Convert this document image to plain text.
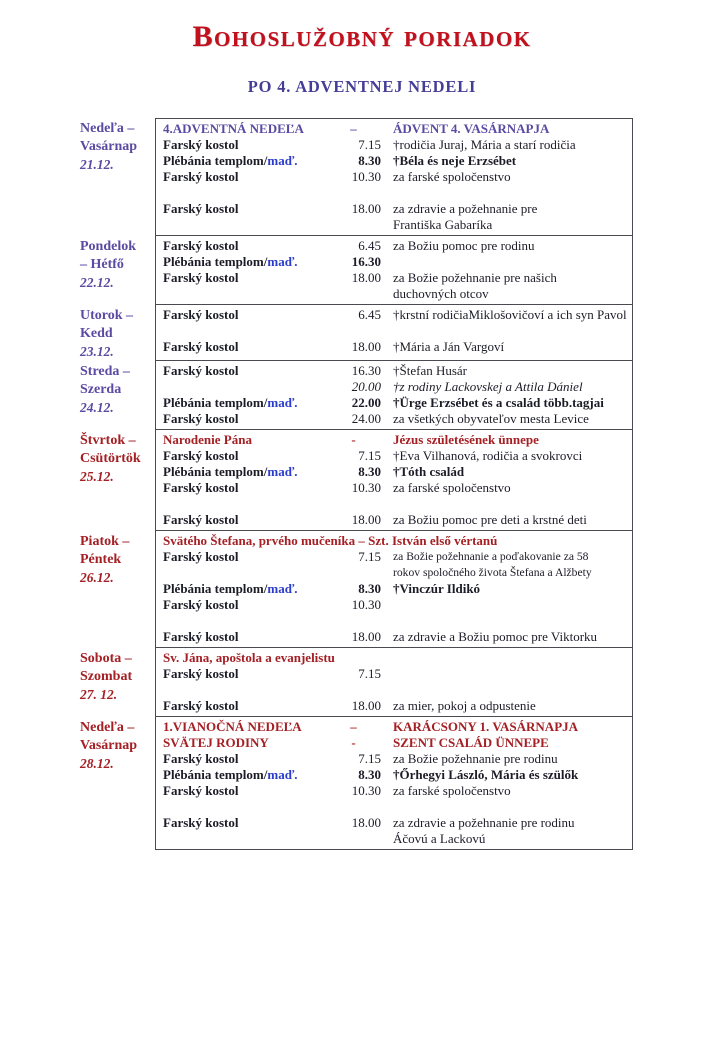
Bohoslužobný poriadok
PO 4. ADVENTNEJ NEDELI
Nedeľa –
Vasárnap
21.12.
4.ADVENTNÁ NEDEĽA	–	ÁDVENT 4. VASÁRNAPJA
Farský kostol	7.15 †rodičia Juraj, Mária a starí rodičia
Plébánia templom/maď.	8.30 †Béla és neje Erzsébet
Farský kostol	10.30 za farské spoločenstvo
Farský kostol	18.00 za zdravie a požehnanie pre
Františka Gabaríka
Pondelok
– Hétfő
22.12.
Farský kostol	6.45 za Božiu pomoc pre rodinu
Plébánia templom/maď.	16.30
Farský kostol	18.00 za Božie požehnanie pre našich
duchovných otcov
Utorok –
Kedd
23.12.
Farský kostol	6.45 †krstní rodičiaMiklošovičoví a ich syn Pavol
Farský kostol	18.00 †Mária a Ján Vargoví
Streda –
Szerda
24.12.
Farský kostol	16.30 †Štefan Husár
20.00 †z rodiny Lackovskej a Attila Dániel
Plébánia templom/maď.	22.00 †Ürge Erzsébet és a család több.tagjai
Farský kostol	24.00 za všetkých obyvateľov mesta Levice
Štvrtok –
Csütörtök
25.12.
Narodenie Pána	-	Jézus születésének ünnepe
Farský kostol	7.15 †Eva Vilhanová, rodičia a svokrovci
Plébánia templom/maď.	8.30 †Tóth család
Farský kostol	10.30 za farské spoločenstvo
Farský kostol	18.00 za Božiu pomoc pre deti a krstné deti
Piatok –
Péntek
26.12.
Svätého Štefana, prvého mučeníka – Szt. István első vértanú
Farský kostol	7.15 za Božie požehnanie a poďakovanie za 58
rokov spoločného života Štefana a Alžbety
Plébánia templom/maď.	8.30 †Vinczúr Ildikó
Farský kostol	10.30
Farský kostol	18.00 za zdravie a Božiu pomoc pre Viktorku
Sobota –
Szombat
27. 12.
Sv. Jána, apoštola a evanjelistu
Farský kostol	7.15
Farský kostol	18.00 za mier, pokoj a odpustenie
Nedeľa –
Vasárnap
28.12.
1.VIANOČNÁ NEDEĽA	–	KARÁCSONY 1. VASÁRNAPJA
SVÄTEJ RODINY	-	SZENT CSALÁD ÜNNEPE
Farský kostol	7.15 za Božie požehnanie pre rodinu
Plébánia templom/maď.	8.30 †Őrhegyi László, Mária és szülők
Farský kostol	10.30 za farské spoločenstvo
Farský kostol	18.00 za zdravie a požehnanie pre rodinu
Áčovú a Lackovú
